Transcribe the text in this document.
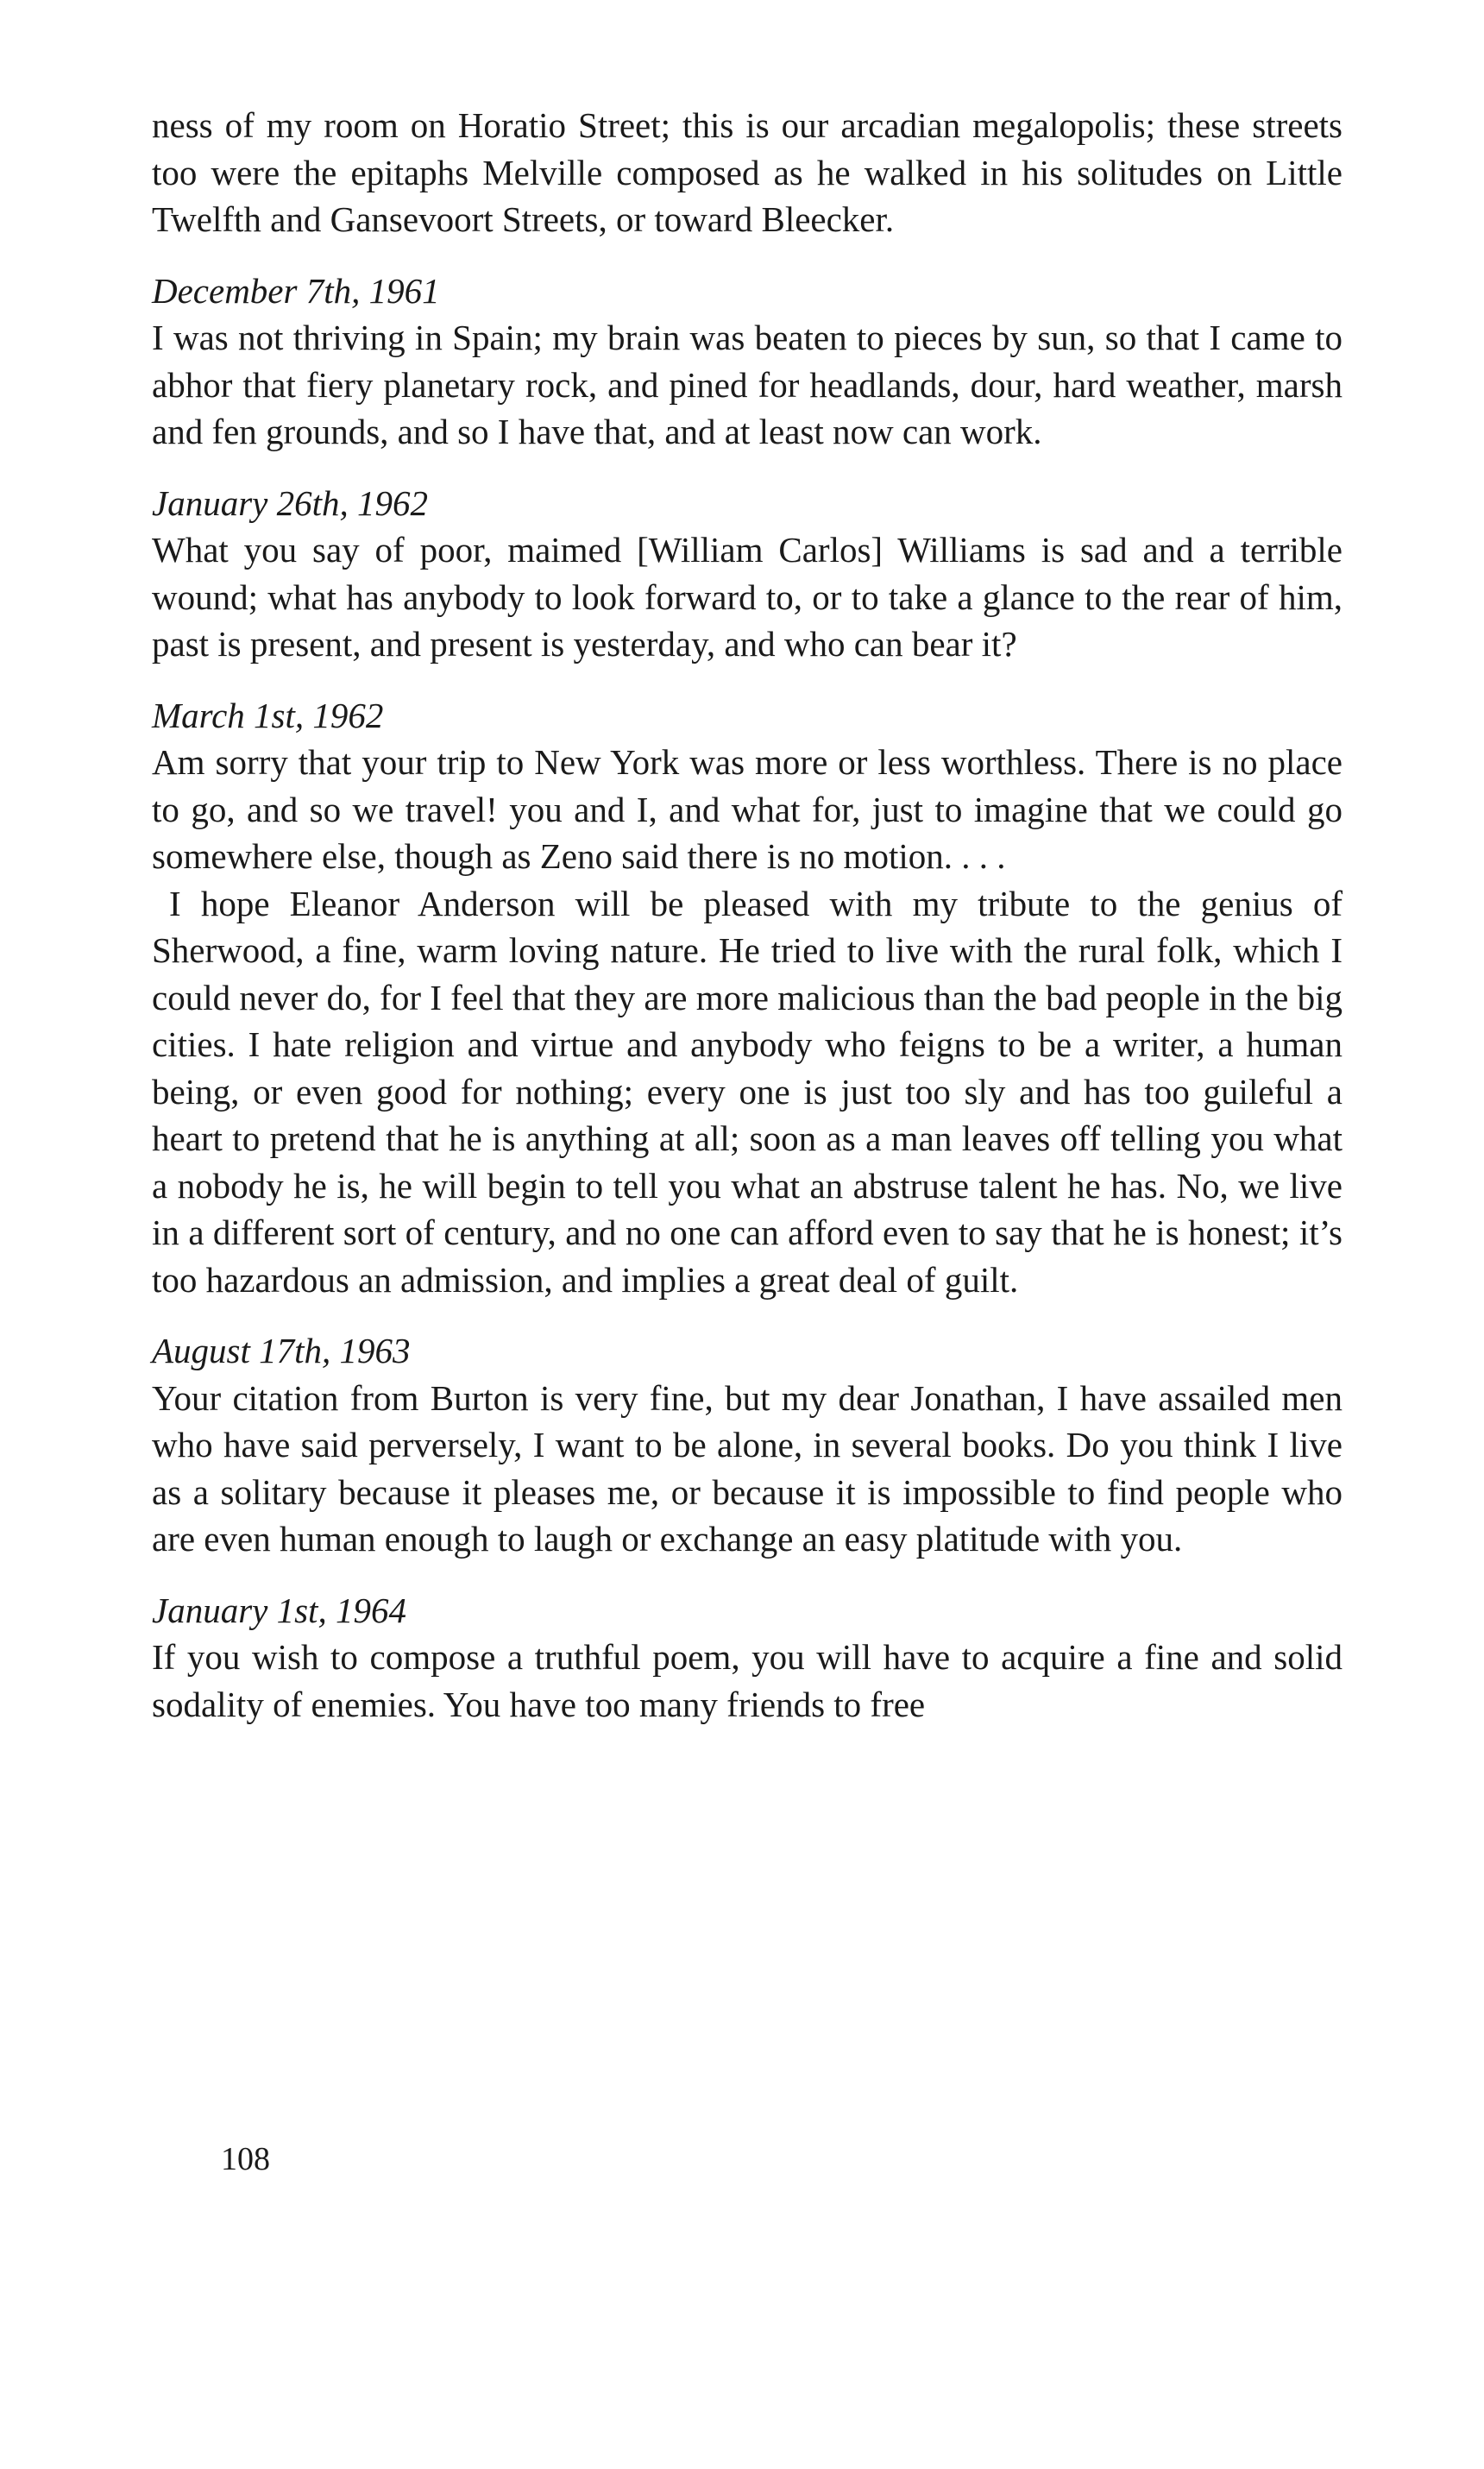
ness of my room on Horatio Street; this is our arcadian megalopolis; these streets too were the epitaphs Melville composed as he walked in his solitudes on Little Twelfth and Gansevoort Streets, or toward Bleecker.

December 7th, 1961

I was not thriving in Spain; my brain was beaten to pieces by sun, so that I came to abhor that fiery planetary rock, and pined for headlands, dour, hard weather, marsh and fen grounds, and so I have that, and at least now can work.

January 26th, 1962

What you say of poor, maimed [William Carlos] Williams is sad and a terrible wound; what has anybody to look forward to, or to take a glance to the rear of him, past is present, and present is yesterday, and who can bear it?

March 1st, 1962

Am sorry that your trip to New York was more or less worthless. There is no place to go, and so we travel! you and I, and what for, just to imagine that we could go somewhere else, though as Zeno said there is no motion. . . .

I hope Eleanor Anderson will be pleased with my tribute to the genius of Sherwood, a fine, warm loving nature. He tried to live with the rural folk, which I could never do, for I feel that they are more malicious than the bad people in the big cities. I hate religion and virtue and anybody who feigns to be a writer, a human being, or even good for nothing; every one is just too sly and has too guileful a heart to pretend that he is anything at all; soon as a man leaves off telling you what a nobody he is, he will begin to tell you what an abstruse talent he has. No, we live in a different sort of century, and no one can afford even to say that he is honest; it’s too hazardous an admission, and implies a great deal of guilt.

August 17th, 1963

Your citation from Burton is very fine, but my dear Jonathan, I have assailed men who have said perversely, I want to be alone, in several books. Do you think I live as a solitary because it pleases me, or because it is impossible to find people who are even human enough to laugh or exchange an easy platitude with you.

January 1st, 1964

If you wish to compose a truthful poem, you will have to acquire a fine and solid sodality of enemies. You have too many friends to free

108
